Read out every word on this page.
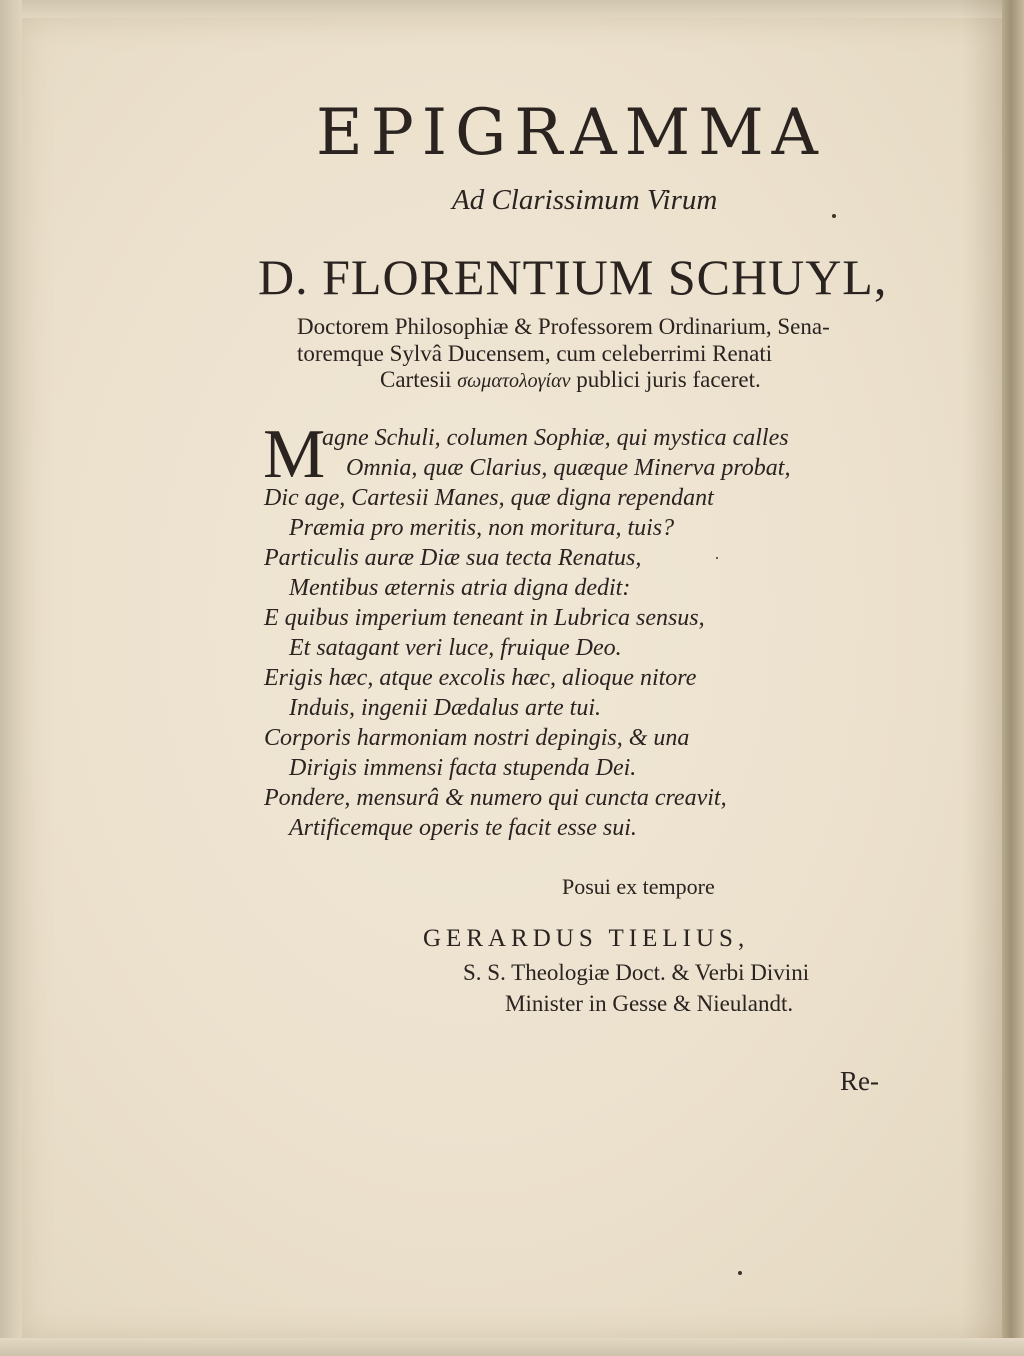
EPIGRAMMA
Ad Clarissimum Virum
D. FLORENTIUM SCHUYL,
Doctorem Philosophiæ & Professorem Ordinarium, Sena-
toremque Sylvâ Ducensem, cum celeberrimi Renati
Cartesii σωματολογίαν publici juris faceret.
M
agne Schuli, columen Sophiæ, qui mystica calles
Omnia, quæ Clarius, quæque Minerva probat,
Dic age, Cartesii Manes, quæ digna rependant
Præmia pro meritis, non moritura, tuis?
Particulis auræ Diæ sua tecta Renatus,
Mentibus æternis atria digna dedit:
E quibus imperium teneant in Lubrica sensus,
Et satagant veri luce, fruique Deo.
Erigis hæc, atque excolis hæc, alioque nitore
Induis, ingenii Dædalus arte tui.
Corporis harmoniam nostri depingis, & una
Dirigis immensi facta stupenda Dei.
Pondere, mensurâ & numero qui cuncta creavit,
Artificemque operis te facit esse sui.
Posui ex tempore
GERARDUS TIELIUS,
S. S. Theologiæ Doct. & Verbi Divini
Minister in Gesse & Nieulandt.
Re-
